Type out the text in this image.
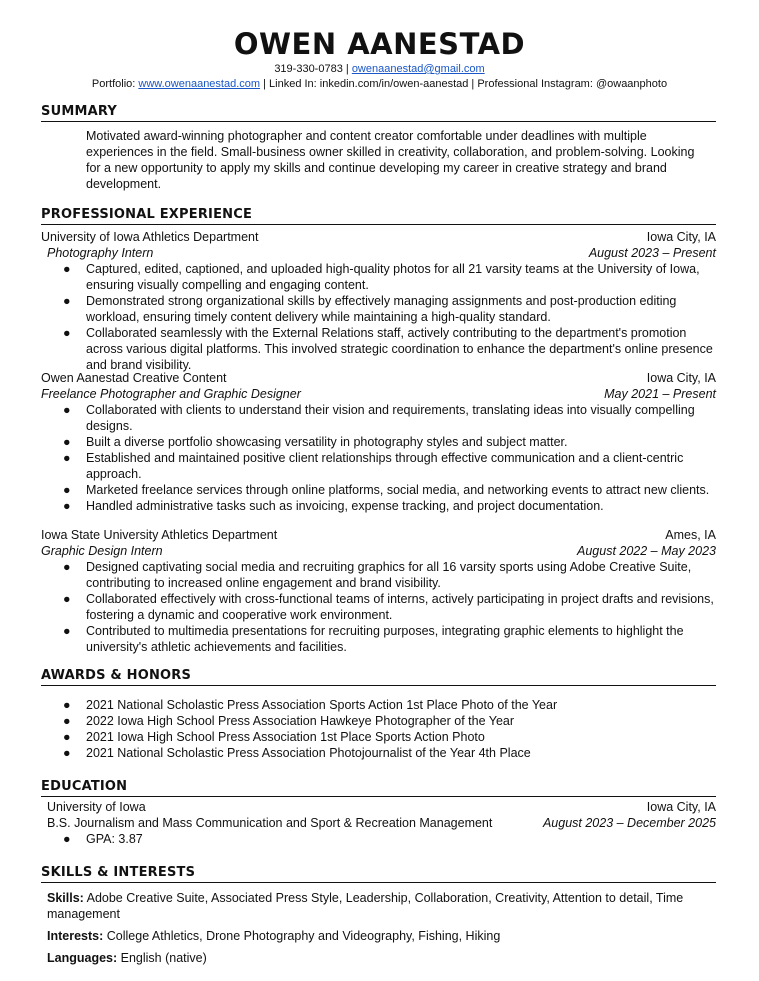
OWEN AANESTAD
319-330-0783 | owenaanestad@gmail.com
Portfolio: www.owenaanestad.com | Linked In: inkedin.com/in/owen-aanestad | Professional Instagram: @owaanphoto
SUMMARY
Motivated award-winning photographer and content creator comfortable under deadlines with multiple experiences in the field. Small-business owner skilled in creativity, collaboration, and problem-solving. Looking for a new opportunity to apply my skills and continue developing my career in creative strategy and brand development.
PROFESSIONAL EXPERIENCE
University of Iowa Athletics Department	Iowa City, IA
Photography Intern	August 2023 – Present
● Captured, edited, captioned, and uploaded high-quality photos for all 21 varsity teams at the University of Iowa, ensuring visually compelling and engaging content.
● Demonstrated strong organizational skills by effectively managing assignments and post-production editing workload, ensuring timely content delivery while maintaining a high-quality standard.
● Collaborated seamlessly with the External Relations staff, actively contributing to the department's promotion across various digital platforms. This involved strategic coordination to enhance the department's online presence and brand visibility.
Owen Aanestad Creative Content	Iowa City, IA
Freelance Photographer and Graphic Designer	May 2021 – Present
● Collaborated with clients to understand their vision and requirements, translating ideas into visually compelling designs.
● Built a diverse portfolio showcasing versatility in photography styles and subject matter.
● Established and maintained positive client relationships through effective communication and a client-centric approach.
● Marketed freelance services through online platforms, social media, and networking events to attract new clients.
● Handled administrative tasks such as invoicing, expense tracking, and project documentation.
Iowa State University Athletics Department	Ames, IA
Graphic Design Intern	August 2022 – May 2023
● Designed captivating social media and recruiting graphics for all 16 varsity sports using Adobe Creative Suite, contributing to increased online engagement and brand visibility.
● Collaborated effectively with cross-functional teams of interns, actively participating in project drafts and revisions, fostering a dynamic and cooperative work environment.
● Contributed to multimedia presentations for recruiting purposes, integrating graphic elements to highlight the university's athletic achievements and facilities.
AWARDS & HONORS
● 2021 National Scholastic Press Association Sports Action 1st Place Photo of the Year
● 2022 Iowa High School Press Association Hawkeye Photographer of the Year
● 2021 Iowa High School Press Association 1st Place Sports Action Photo
● 2021 National Scholastic Press Association Photojournalist of the Year 4th Place
EDUCATION
University of Iowa	Iowa City, IA
B.S. Journalism and Mass Communication and Sport & Recreation Management	August 2023 – December 2025
● GPA: 3.87
SKILLS & INTERESTS
Skills: Adobe Creative Suite, Associated Press Style, Leadership, Collaboration, Creativity, Attention to detail, Time management
Interests: College Athletics, Drone Photography and Videography, Fishing, Hiking
Languages: English (native)
